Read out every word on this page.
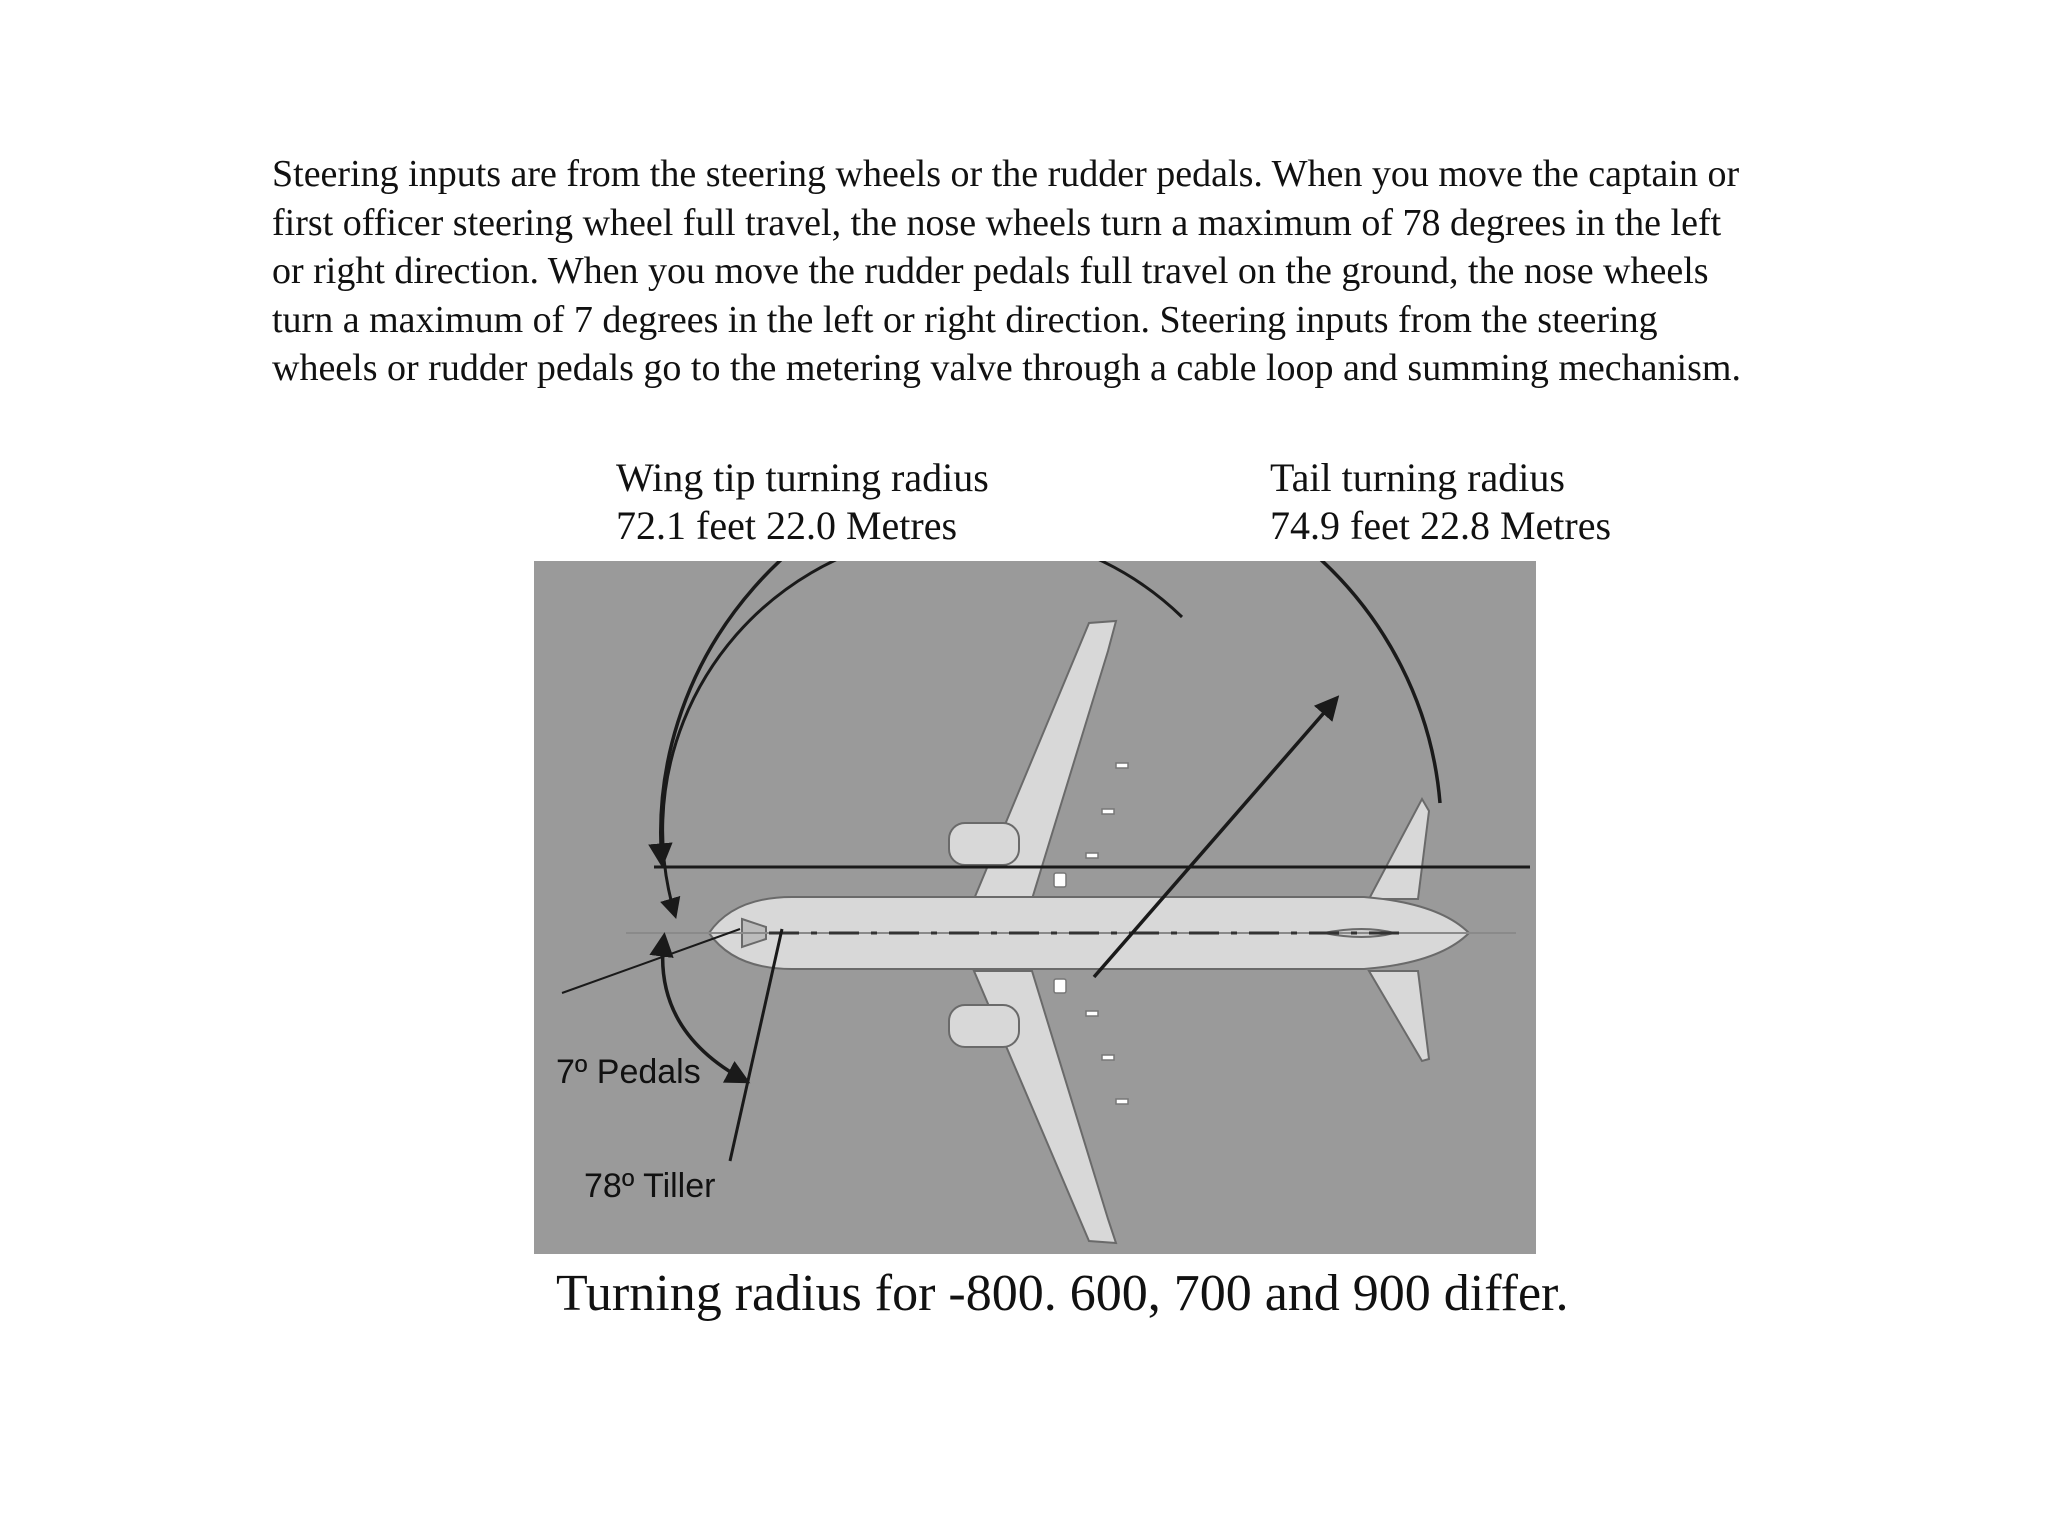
Steering inputs are from the steering wheels or the rudder pedals. When you move the captain or
first officer steering wheel full travel, the nose wheels turn a maximum of 78 degrees in the left
or right direction. When you move the rudder pedals full travel on the ground, the nose wheels
turn a maximum of 7 degrees in the left or right direction. Steering inputs from the steering
wheels or rudder pedals go to the metering valve through a cable loop and summing mechanism.
Wing tip turning radius
72.1 feet 22.0 Metres
Tail turning radius
74.9 feet 22.8 Metres
7º Pedals
78º Tiller
Turning radius for -800. 600, 700 and 900 differ.
